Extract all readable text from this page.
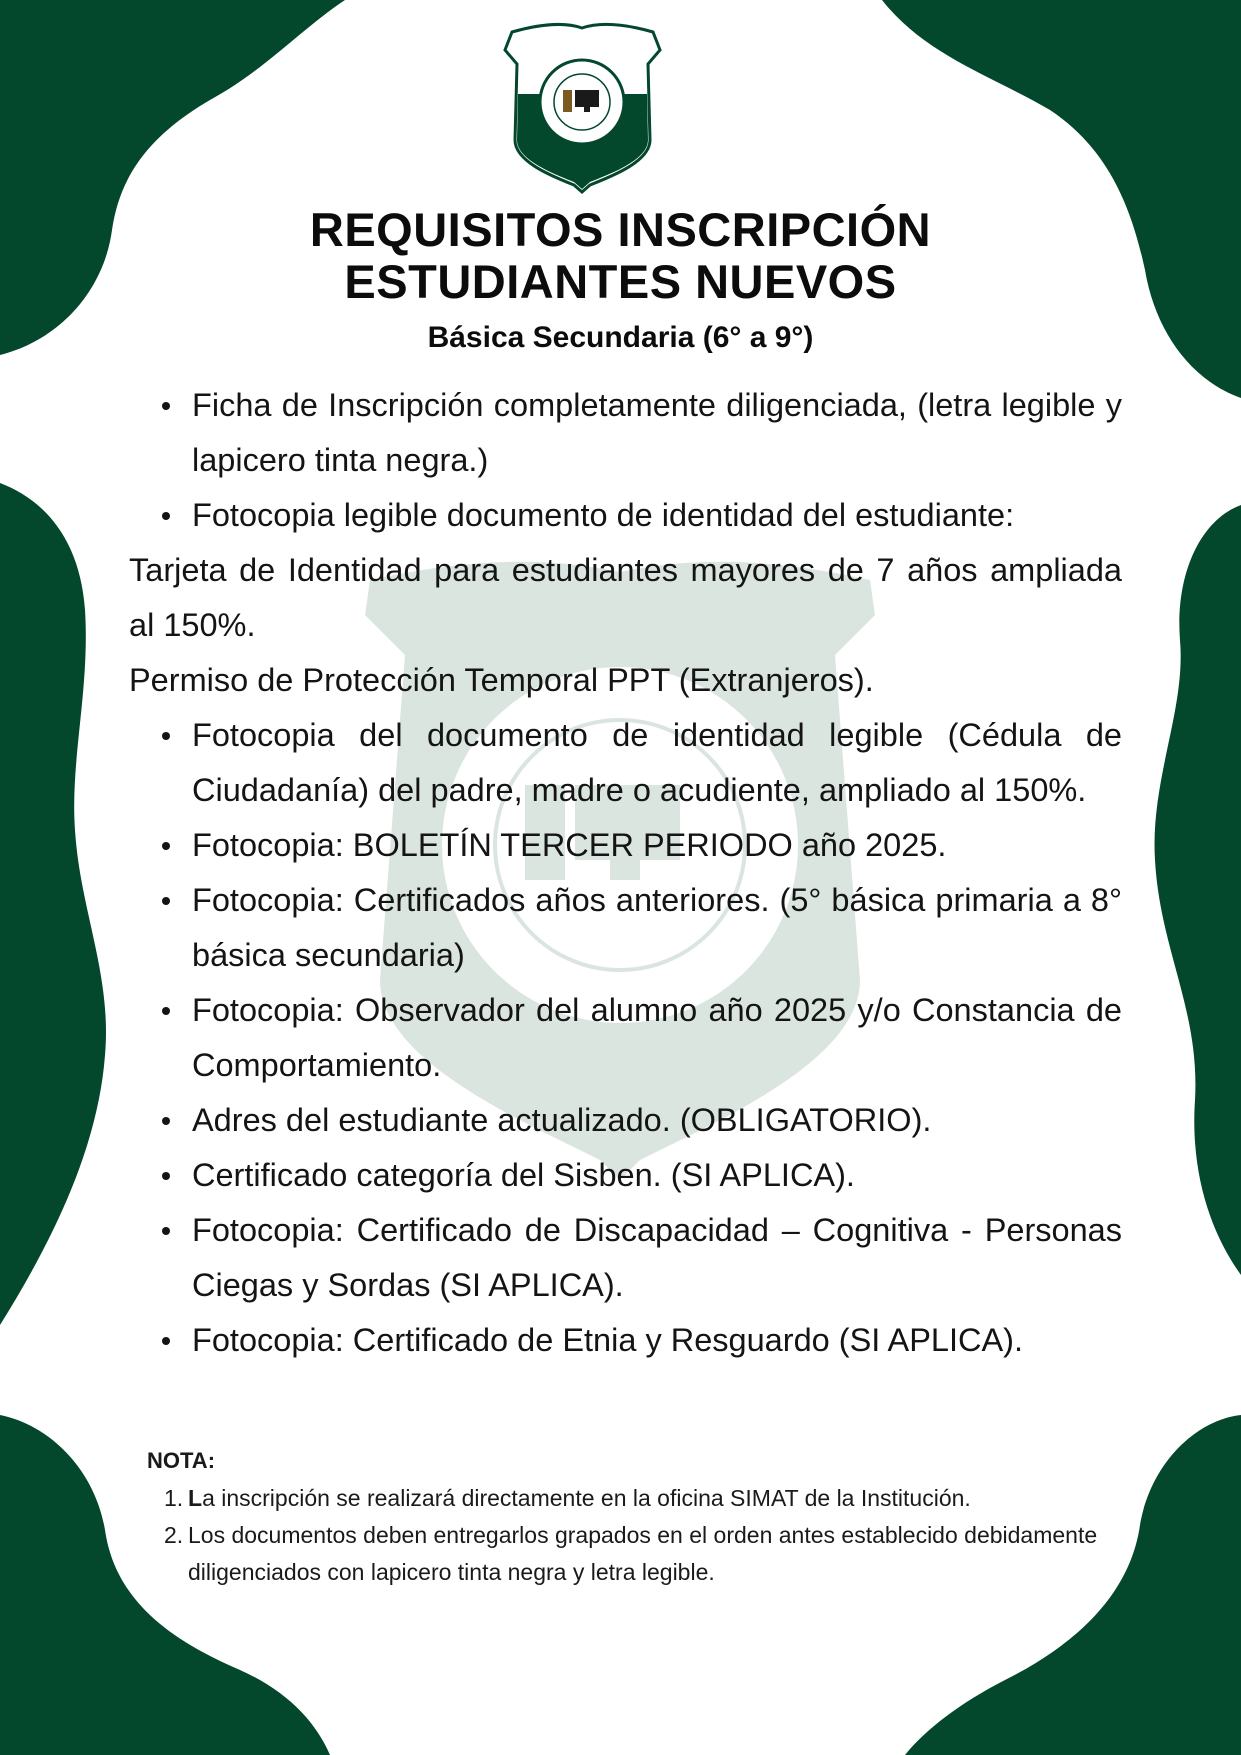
REQUISITOS INSCRIPCIÓN
ESTUDIANTES NUEVOS
Básica Secundaria (6° a 9°)
Ficha de Inscripción completamente diligenciada, (letra legible y lapicero tinta negra.)
Fotocopia legible documento de identidad del estudiante:
Tarjeta de Identidad para estudiantes mayores de 7 años ampliada al 150%.
Permiso de Protección Temporal PPT (Extranjeros).
Fotocopia del documento de identidad legible (Cédula de Ciudadanía) del padre, madre o acudiente, ampliado al 150%.
Fotocopia: BOLETÍN TERCER PERIODO año 2025.
Fotocopia: Certificados años anteriores. (5° básica primaria a 8° básica secundaria)
Fotocopia: Observador del alumno año 2025 y/o Constancia de Comportamiento.
Adres del estudiante actualizado. (OBLIGATORIO).
Certificado categoría del Sisben. (SI APLICA).
Fotocopia: Certificado de Discapacidad – Cognitiva - Personas Ciegas y Sordas (SI APLICA).
Fotocopia: Certificado de Etnia y Resguardo (SI APLICA).
NOTA:
1. La inscripción se realizará directamente en la oficina SIMAT de la Institución.
2. Los documentos deben entregarlos grapados en el orden antes establecido debidamente diligenciados con lapicero tinta negra y letra legible.
